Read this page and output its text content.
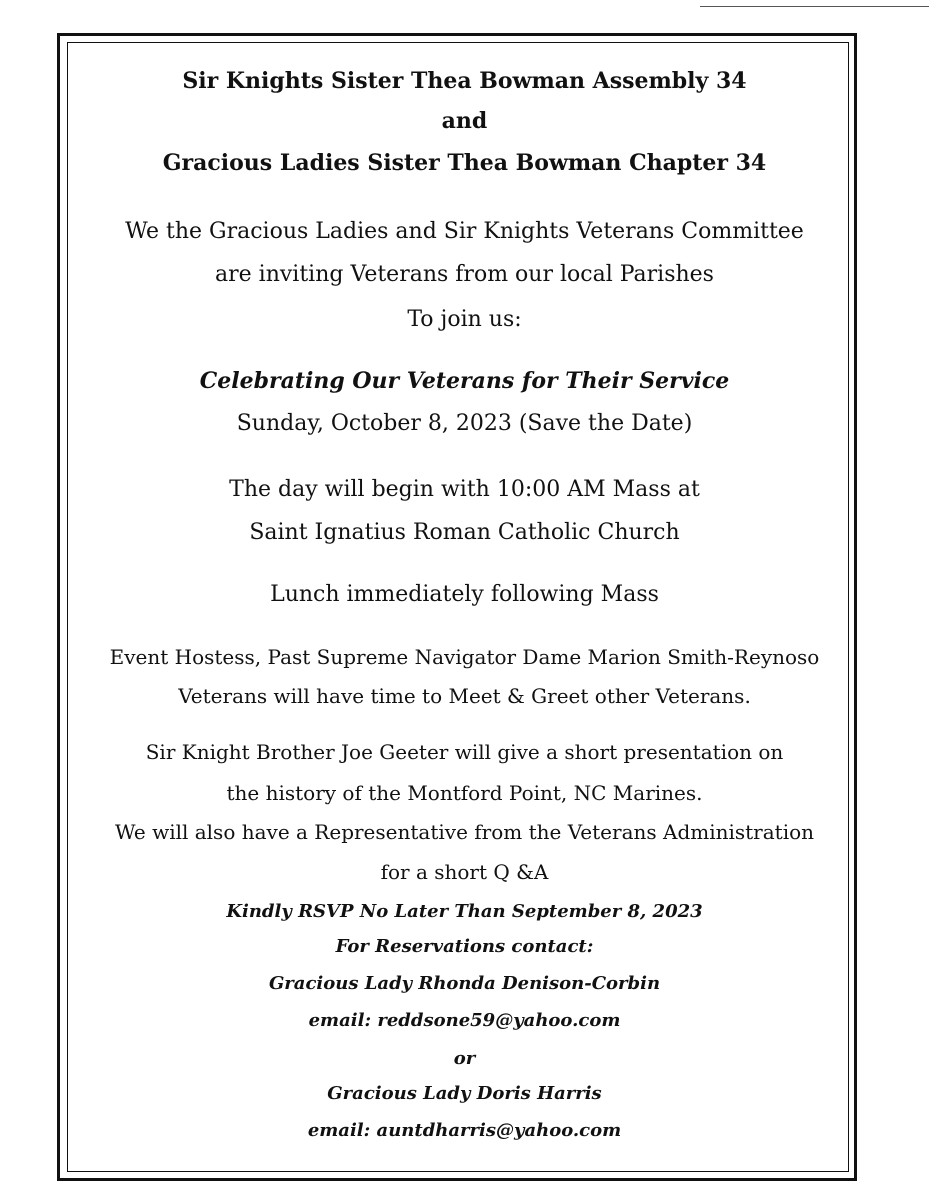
Sir Knights Sister Thea Bowman Assembly 34
and
Gracious Ladies Sister Thea Bowman Chapter 34
We the Gracious Ladies and Sir Knights Veterans Committee
are inviting Veterans from our local Parishes
To join us:
Celebrating Our Veterans for Their Service
Sunday, October 8, 2023 (Save the Date)
The day will begin with 10:00 AM Mass at
Saint Ignatius Roman Catholic Church
Lunch immediately following Mass
Event Hostess, Past Supreme Navigator Dame Marion Smith-Reynoso
Veterans will have time to Meet & Greet other Veterans.
Sir Knight Brother Joe Geeter will give a short presentation on
the history of the Montford Point, NC Marines.
We will also have a Representative from the Veterans Administration
for a short Q &A
Kindly RSVP No Later Than September 8, 2023
For Reservations contact:
Gracious Lady Rhonda Denison-Corbin
email: reddsone59@yahoo.com
or
Gracious Lady Doris Harris
email: auntdharris@yahoo.com
